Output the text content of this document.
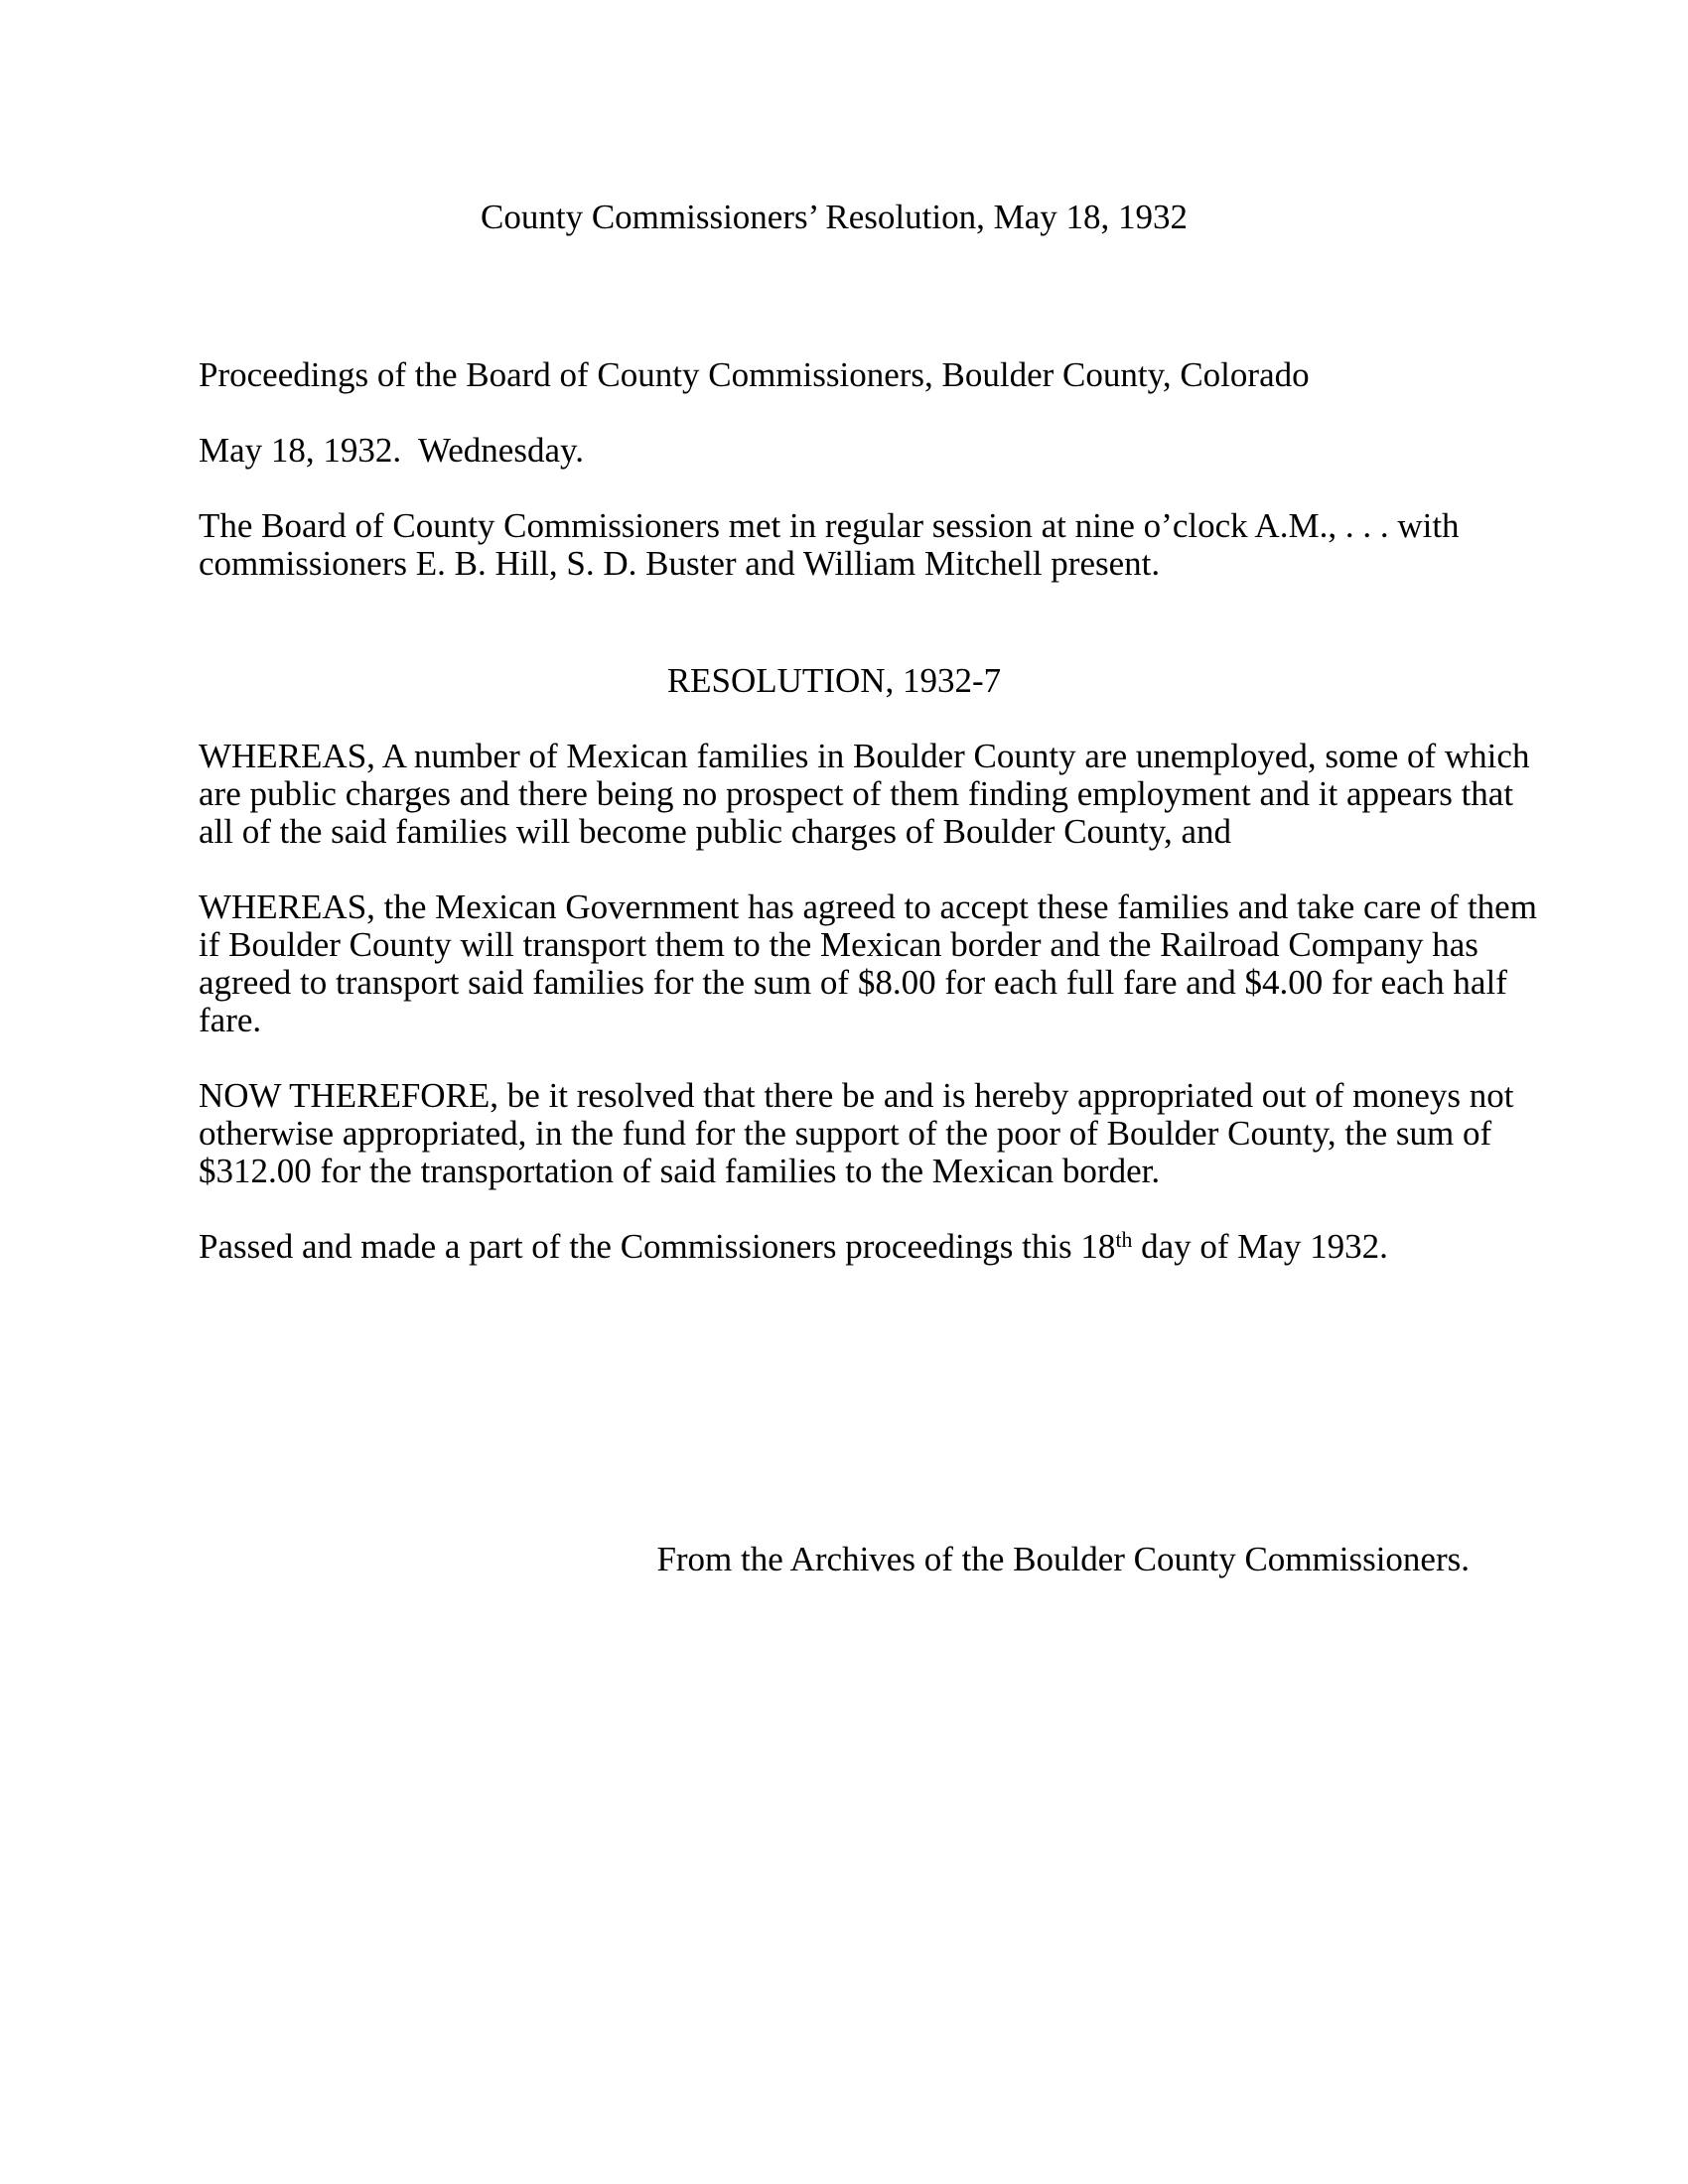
County Commissioners’ Resolution, May 18, 1932

Proceedings of the Board of County Commissioners, Boulder County, Colorado

May 18, 1932.  Wednesday.

The Board of County Commissioners met in regular session at nine o’clock A.M., . . . with
commissioners E. B. Hill, S. D. Buster and William Mitchell present.

RESOLUTION, 1932-7

WHEREAS, A number of Mexican families in Boulder County are unemployed, some of which
are public charges and there being no prospect of them finding employment and it appears that
all of the said families will become public charges of Boulder County, and

WHEREAS, the Mexican Government has agreed to accept these families and take care of them
if Boulder County will transport them to the Mexican border and the Railroad Company has
agreed to transport said families for the sum of $8.00 for each full fare and $4.00 for each half
fare.

NOW THEREFORE, be it resolved that there be and is hereby appropriated out of moneys not
otherwise appropriated, in the fund for the support of the poor of Boulder County, the sum of
$312.00 for the transportation of said families to the Mexican border.

Passed and made a part of the Commissioners proceedings this 18th day of May 1932.

From the Archives of the Boulder County Commissioners.
